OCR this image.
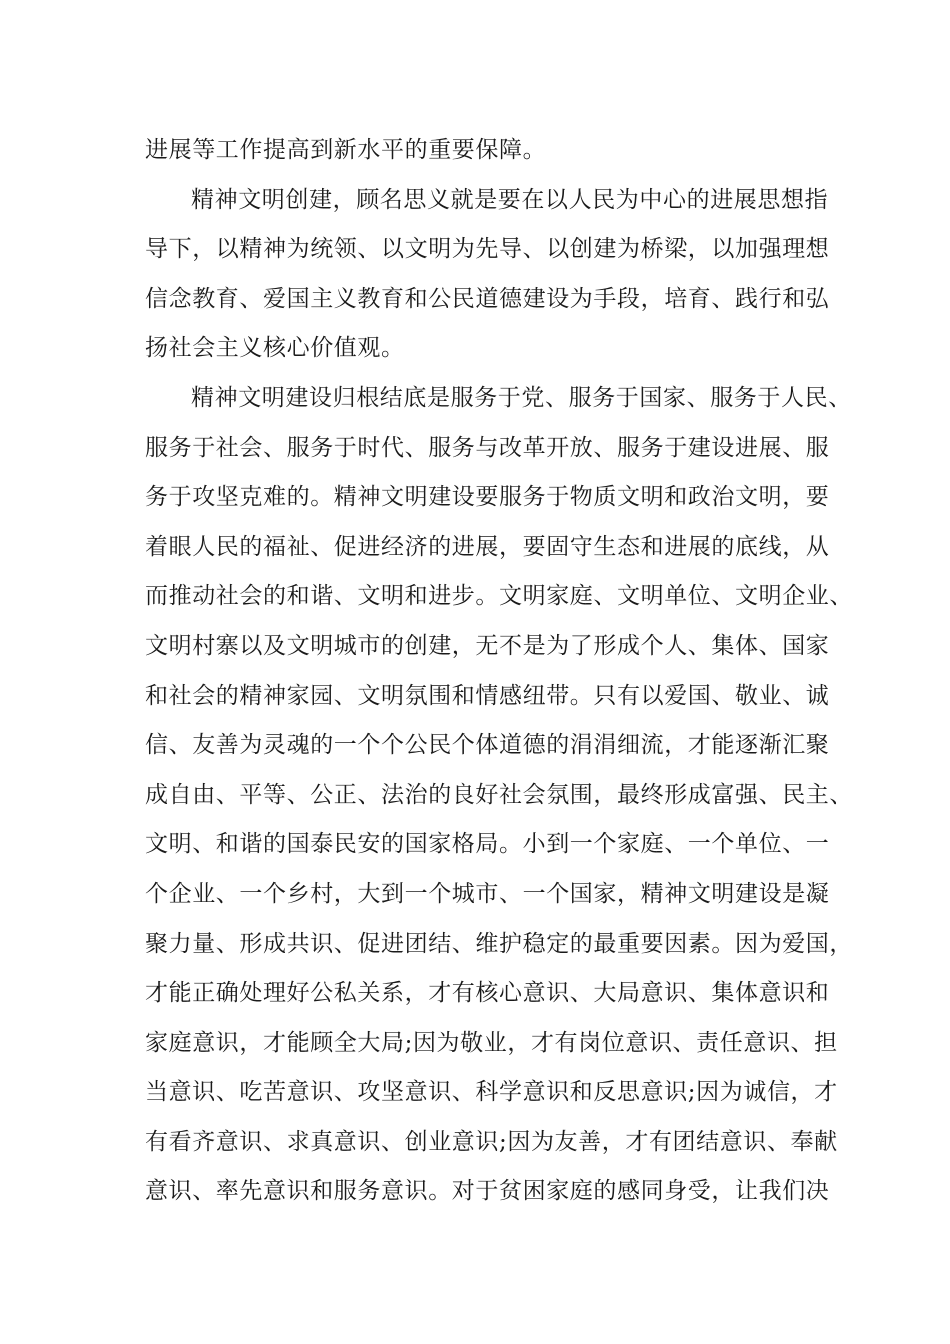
进展等工作提高到新水平的重要保障。
精神文明创建，顾名思义就是要在以人民为中心的进展思想指
导下，以精神为统领、以文明为先导、以创建为桥梁，以加强理想
信念教育、爱国主义教育和公民道德建设为手段，培育、践行和弘
扬社会主义核心价值观。
精神文明建设归根结底是服务于党、服务于国家、服务于人民、
服务于社会、服务于时代、服务与改革开放、服务于建设进展、服
务于攻坚克难的。精神文明建设要服务于物质文明和政治文明，要
着眼人民的福祉、促进经济的进展，要固守生态和进展的底线，从
而推动社会的和谐、文明和进步。文明家庭、文明单位、文明企业、
文明村寨以及文明城市的创建，无不是为了形成个人、集体、国家
和社会的精神家园、文明氛围和情感纽带。只有以爱国、敬业、诚
信、友善为灵魂的一个个公民个体道德的涓涓细流，才能逐渐汇聚
成自由、平等、公正、法治的良好社会氛围，最终形成富强、民主、
文明、和谐的国泰民安的国家格局。小到一个家庭、一个单位、一
个企业、一个乡村，大到一个城市、一个国家，精神文明建设是凝
聚力量、形成共识、促进团结、维护稳定的最重要因素。因为爱国，
才能正确处理好公私关系，才有核心意识、大局意识、集体意识和
家庭意识，才能顾全大局;因为敬业，才有岗位意识、责任意识、担
当意识、吃苦意识、攻坚意识、科学意识和反思意识;因为诚信，才
有看齐意识、求真意识、创业意识;因为友善，才有团结意识、奉献
意识、率先意识和服务意识。对于贫困家庭的感同身受，让我们决
